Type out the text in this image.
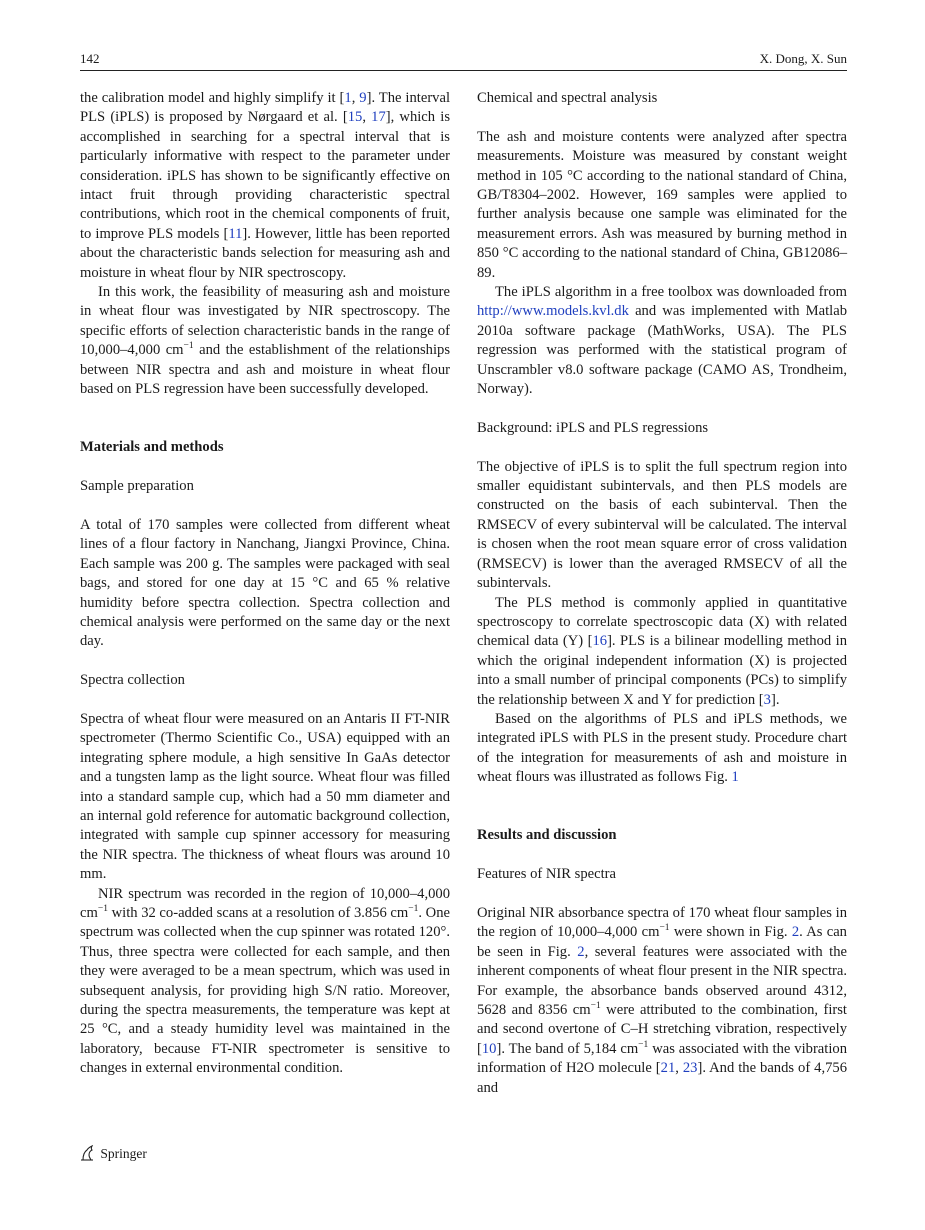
142	X. Dong, X. Sun

the calibration model and highly simplify it [1, 9]. The interval PLS (iPLS) is proposed by Nørgaard et al. [15, 17], which is accomplished in searching for a spectral interval that is particularly informative with respect to the parameter under consideration. iPLS has shown to be significantly effective on intact fruit through providing characteristic spectral contributions, which root in the chemical components of fruit, to improve PLS models [11]. However, little has been reported about the characteristic bands selection for measuring ash and moisture in wheat flour by NIR spectroscopy.

In this work, the feasibility of measuring ash and moisture in wheat flour was investigated by NIR spectroscopy. The specific efforts of selection characteristic bands in the range of 10,000–4,000 $cm^{-1}$ and the establishment of the relationships between NIR spectra and ash and moisture in wheat flour based on PLS regression have been successfully developed.

Materials and methods

Sample preparation

A total of 170 samples were collected from different wheat lines of a flour factory in Nanchang, Jiangxi Province, China. Each sample was 200 g. The samples were packaged with seal bags, and stored for one day at 15 °C and 65 % relative humidity before spectra collection. Spectra collection and chemical analysis were performed on the same day or the next day.

Spectra collection

Spectra of wheat flour were measured on an Antaris II FT-NIR spectrometer (Thermo Scientific Co., USA) equipped with an integrating sphere module, a high sensitive In GaAs detector and a tungsten lamp as the light source. Wheat flour was filled into a standard sample cup, which had a 50 mm diameter and an internal gold reference for automatic background collection, integrated with sample cup spinner accessory for measuring the NIR spectra. The thickness of wheat flours was around 10 mm.

NIR spectrum was recorded in the region of 10,000–4,000 $cm^{-1}$ with 32 co-added scans at a resolution of 3.856 $cm^{-1}$. One spectrum was collected when the cup spinner was rotated 120°. Thus, three spectra were collected for each sample, and then they were averaged to be a mean spectrum, which was used in subsequent analysis, for providing high S/N ratio. Moreover, during the spectra measurements, the temperature was kept at 25 °C, and a steady humidity level was maintained in the laboratory, because FT-NIR spectrometer is sensitive to changes in external environmental condition.

Chemical and spectral analysis

The ash and moisture contents were analyzed after spectra measurements. Moisture was measured by constant weight method in 105 °C according to the national standard of China, GB/T8304–2002. However, 169 samples were applied to further analysis because one sample was eliminated for the measurement errors. Ash was measured by burning method in 850 °C according to the national standard of China, GB12086–89.

The iPLS algorithm in a free toolbox was downloaded from http://www.models.kvl.dk and was implemented with Matlab 2010a software package (MathWorks, USA). The PLS regression was performed with the statistical program of Unscrambler v8.0 software package (CAMO AS, Trondheim, Norway).

Background: iPLS and PLS regressions

The objective of iPLS is to split the full spectrum region into smaller equidistant subintervals, and then PLS models are constructed on the basis of each subinterval. Then the RMSECV of every subinterval will be calculated. The interval is chosen when the root mean square error of cross validation (RMSECV) is lower than the averaged RMSECV of all the subintervals.

The PLS method is commonly applied in quantitative spectroscopy to correlate spectroscopic data (X) with related chemical data (Y) [16]. PLS is a bilinear modelling method in which the original independent information (X) is projected into a small number of principal components (PCs) to simplify the relationship between X and Y for prediction [3].

Based on the algorithms of PLS and iPLS methods, we integrated iPLS with PLS in the present study. Procedure chart of the integration for measurements of ash and moisture in wheat flours was illustrated as follows Fig. 1

Results and discussion

Features of NIR spectra

Original NIR absorbance spectra of 170 wheat flour samples in the region of 10,000–4,000 $cm^{-1}$ were shown in Fig. 2. As can be seen in Fig. 2, several features were associated with the inherent components of wheat flour present in the NIR spectra. For example, the absorbance bands observed around 4312, 5628 and 8356 $cm^{-1}$ were attributed to the combination, first and second overtone of C–H stretching vibration, respectively [10]. The band of 5,184 $cm^{-1}$ was associated with the vibration information of H2O molecule [21, 23]. And the bands of 4,756 and

Springer
